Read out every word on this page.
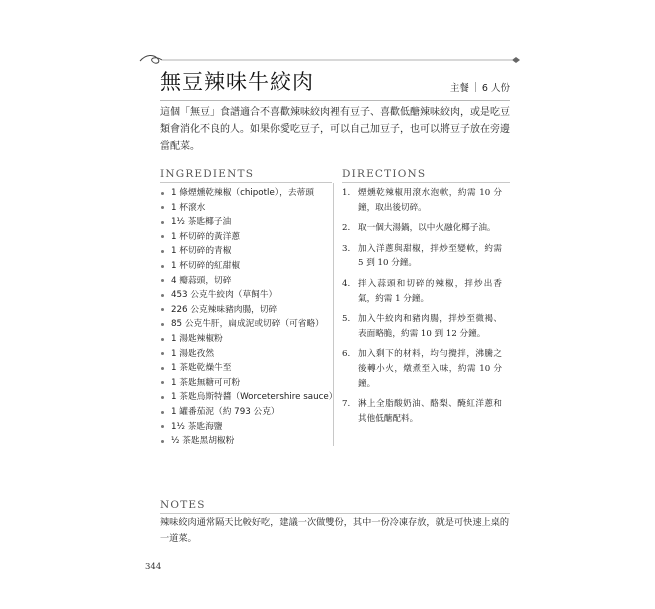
無豆辣味牛絞肉	主餐 6 人份

這個「無豆」食譜適合不喜歡辣味絞肉裡有豆子、喜歡低醣辣味絞肉，或是吃豆類會消化不良的人。如果你愛吃豆子，可以自己加豆子，也可以將豆子放在旁邊當配菜。

INGREDIENTS	DIRECTIONS
1 條煙燻乾辣椒（chipotle），去蒂頭
1 杯滾水
1½ 茶匙椰子油
1 杯切碎的黃洋蔥
1 杯切碎的青椒
1 杯切碎的紅甜椒
4 瓣蒜頭，切碎
453 公克牛絞肉（草飼牛）
226 公克辣味豬肉腸，切碎
85 公克牛肝，扁成泥或切碎（可省略）
1 湯匙辣椒粉
1 湯匙孜然
1 茶匙乾燥牛至
1 茶匙無糖可可粉
1 茶匙烏斯特醬（Worcetershire sauce）
1 罐番茄泥（約 793 公克）
1½ 茶匙海鹽
½ 茶匙黑胡椒粉
1. 煙燻乾辣椒用滾水泡軟，約需 10 分鐘，取出後切碎。
2. 取一個大湯鍋，以中火融化椰子油。
3. 加入洋蔥與甜椒，拌炒至變軟，約需 5 到 10 分鐘。
4. 拌入蒜頭和切碎的辣椒，拌炒出香氣，約需 1 分鐘。
5. 加入牛絞肉和豬肉腸，拌炒至微褐、表面略脆，約需 10 到 12 分鐘。
6. 加入剩下的材料，均勻攪拌，沸騰之後轉小火，燉煮至入味，約需 10 分鐘。
7. 淋上全脂酸奶油、酪梨、醃紅洋蔥和其他低醣配料。
NOTES

辣味絞肉通常隔天比較好吃，建議一次做雙份，其中一份冷凍存放，就是可快速上桌的一道菜。

344
